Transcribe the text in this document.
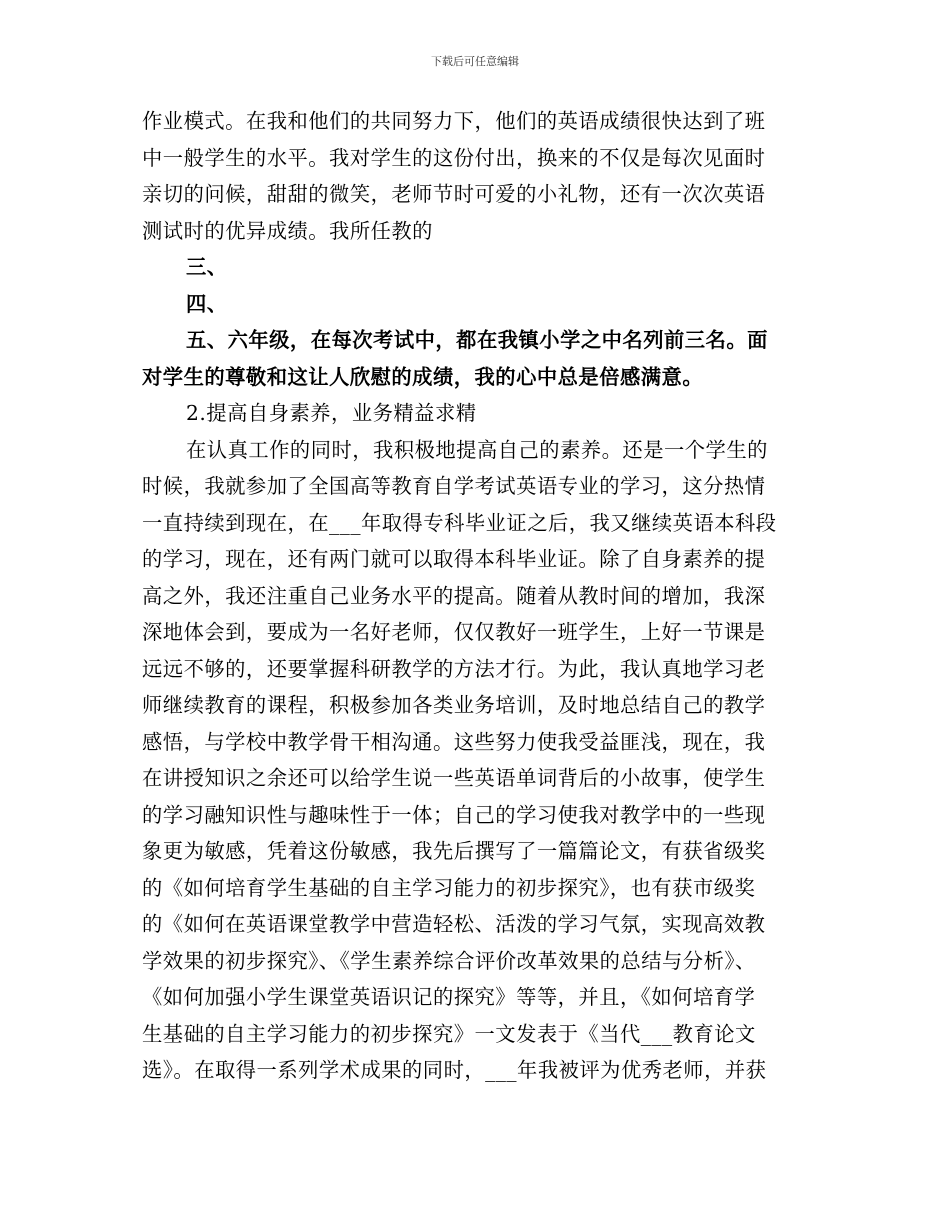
下载后可任意编辑
作业模式。在我和他们的共同努力下，他们的英语成绩很快达到了班
中一般学生的水平。我对学生的这份付出，换来的不仅是每次见面时
亲切的问候，甜甜的微笑，老师节时可爱的小礼物，还有一次次英语
测试时的优异成绩。我所任教的
三、
四、
五、六年级，在每次考试中，都在我镇小学之中名列前三名。面
对学生的尊敬和这让人欣慰的成绩，我的心中总是倍感满意。
2.提高自身素养，业务精益求精
在认真工作的同时，我积极地提高自己的素养。还是一个学生的
时候，我就参加了全国高等教育自学考试英语专业的学习，这分热情
一直持续到现在，在___年取得专科毕业证之后，我又继续英语本科段
的学习，现在，还有两门就可以取得本科毕业证。除了自身素养的提
高之外，我还注重自己业务水平的提高。随着从教时间的增加，我深
深地体会到，要成为一名好老师，仅仅教好一班学生，上好一节课是
远远不够的，还要掌握科研教学的方法才行。为此，我认真地学习老
师继续教育的课程，积极参加各类业务培训，及时地总结自己的教学
感悟，与学校中教学骨干相沟通。这些努力使我受益匪浅，现在，我
在讲授知识之余还可以给学生说一些英语单词背后的小故事，使学生
的学习融知识性与趣味性于一体；自己的学习使我对教学中的一些现
象更为敏感，凭着这份敏感，我先后撰写了一篇篇论文，有获省级奖
的《如何培育学生基础的自主学习能力的初步探究》，也有获市级奖
的《如何在英语课堂教学中营造轻松、活泼的学习气氛，实现高效教
学效果的初步探究》、《学生素养综合评价改革效果的总结与分析》、
《如何加强小学生课堂英语识记的探究》等等，并且，《如何培育学
生基础的自主学习能力的初步探究》一文发表于《当代___教育论文
选》。在取得一系列学术成果的同时，___年我被评为优秀老师，并获
